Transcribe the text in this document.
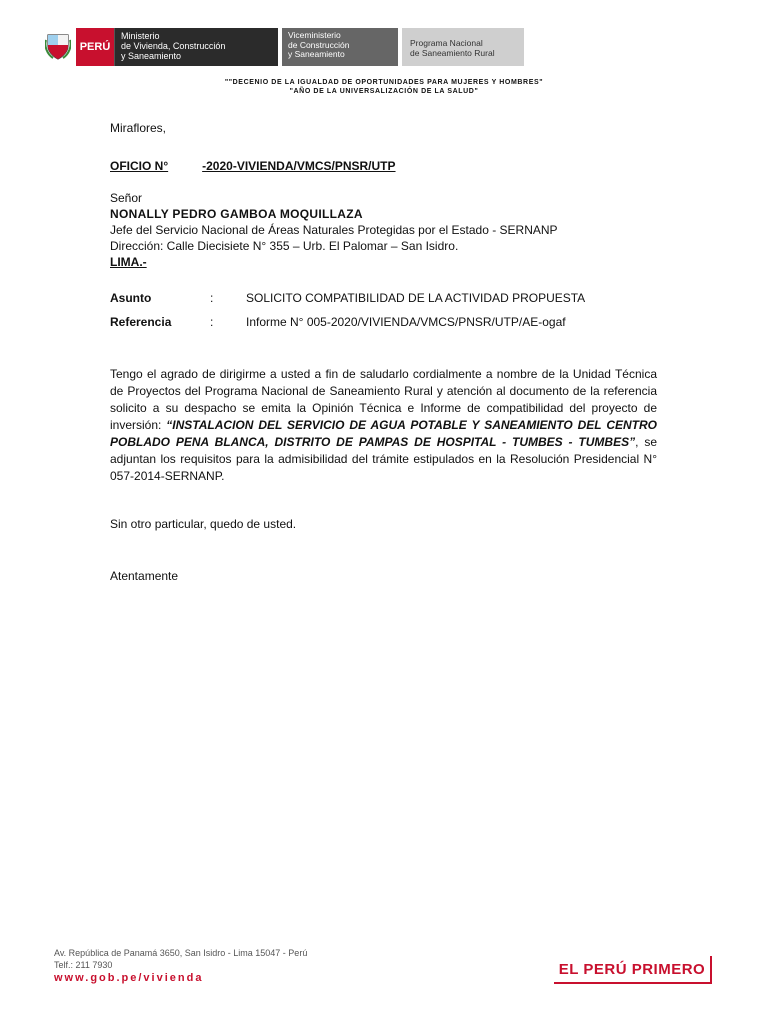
PERÚ
Ministerio
de Vivienda, Construcción
y Saneamiento
Viceministerio
de Construcción
y Saneamiento
Programa Nacional
de Saneamiento Rural
""DECENIO DE LA IGUALDAD DE OPORTUNIDADES PARA MUJERES Y HOMBRES"
"AÑO DE LA UNIVERSALIZACIÓN DE LA SALUD"
Miraflores,
OFICIO N°	-2020-VIVIENDA/VMCS/PNSR/UTP
Señor
NONALLY PEDRO GAMBOA MOQUILLAZA
Jefe del Servicio Nacional de Áreas Naturales Protegidas por el Estado - SERNANP
Dirección: Calle Diecisiete N° 355 – Urb. El Palomar – San Isidro.
LIMA.-
Asunto	:	SOLICITO COMPATIBILIDAD DE LA ACTIVIDAD PROPUESTA
Referencia	:	Informe N° 005-2020/VIVIENDA/VMCS/PNSR/UTP/AE-ogaf
Tengo el agrado de dirigirme a usted a fin de saludarlo cordialmente a nombre de la Unidad Técnica de Proyectos del Programa Nacional de Saneamiento Rural y atención al documento de la referencia solicito a su despacho se emita la Opinión Técnica e Informe de compatibilidad del proyecto de inversión: “INSTALACION DEL SERVICIO DE AGUA POTABLE Y SANEAMIENTO DEL CENTRO POBLADO PENA BLANCA, DISTRITO DE PAMPAS DE HOSPITAL - TUMBES - TUMBES”, se adjuntan los requisitos para la admisibilidad del trámite estipulados en la Resolución Presidencial N° 057-2014-SERNANP.
Sin otro particular, quedo de usted.
Atentamente
Av. República de Panamá 3650, San Isidro - Lima 15047 - Perú
Telf.: 211 7930
www.gob.pe/vivienda
EL PERÚ PRIMERO
